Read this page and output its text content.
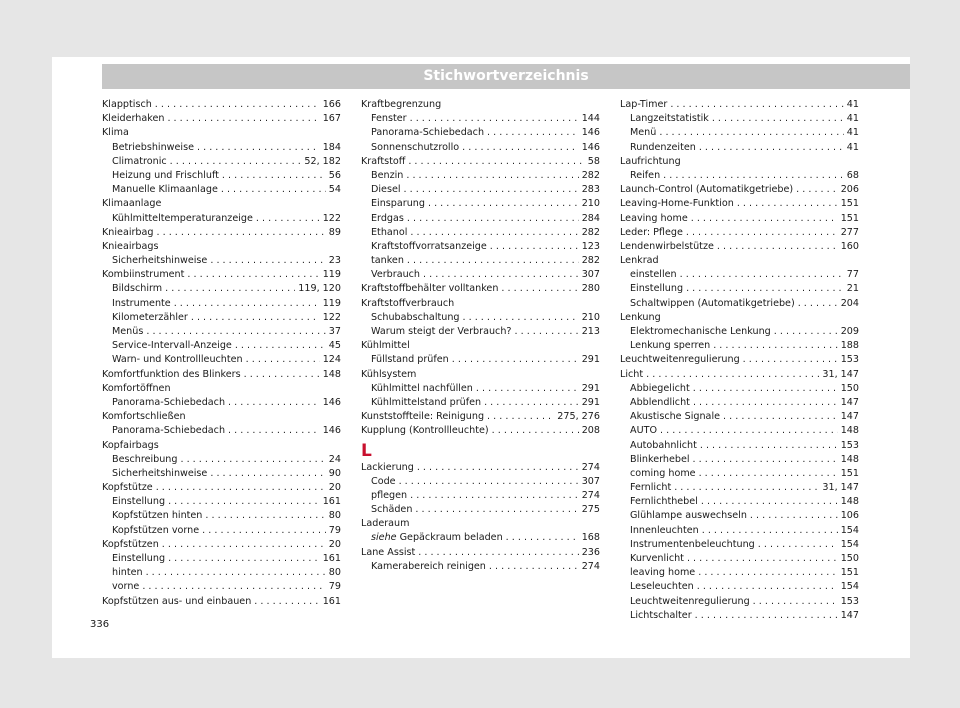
Stichwortverzeichnis
Klapptisch . . .	166
Kleiderhaken . . .	167
Klima
Betriebshinweise . . .	184
Climatronic . . .	52, 182
Heizung und Frischluft . . .	56
Manuelle Klimaanlage . . .	54
Klimaanlage
Kühlmitteltemperaturanzeige . . .	122
Knieairbag . . .	89
Knieairbags
Sicherheitshinweise . . .	23
Kombiinstrument . . .	119
Bildschirm . . .	119, 120
Instrumente . . .	119
Kilometerzähler . . .	122
Menüs . . .	37
Service-Intervall-Anzeige . . .	45
Warn- und Kontrollleuchten . . .	124
Komfortfunktion des Blinkers . . .	148
Komfortöffnen
Panorama-Schiebedach . . .	146
Komfortschließen
Panorama-Schiebedach . . .	146
Kopfairbags
Beschreibung . . .	24
Sicherheitshinweise . . .	90
Kopfstütze . . .	20
Einstellung . . .	161
Kopfstützen hinten . . .	80
Kopfstützen vorne . . .	79
Kopfstützen . . .	20
Einstellung . . .	161
hinten . . .	80
vorne . . .	79
Kopfstützen aus- und einbauen . . .	161
Kraftbegrenzung
Fenster . . .	144
Panorama-Schiebedach . . .	146
Sonnenschutzrollo . . .	146
Kraftstoff . . .	58
Benzin . . .	282
Diesel . . .	283
Einsparung . . .	210
Erdgas . . .	284
Ethanol . . .	282
Kraftstoffvorratsanzeige . . .	123
tanken . . .	282
Verbrauch . . .	307
Kraftstoffbehälter volltanken . . .	280
Kraftstoffverbrauch
Schubabschaltung . . .	210
Warum steigt der Verbrauch? . . .	213
Kühlmittel
Füllstand prüfen . . .	291
Kühlsystem
Kühlmittel nachfüllen . . .	291
Kühlmittelstand prüfen . . .	291
Kunststoffteile: Reinigung . . .	275, 276
Kupplung (Kontrollleuchte) . . .	208
L
Lackierung . . .	274
Code . . .	307
pflegen . . .	274
Schäden . . .	275
Laderaum
siehe Gepäckraum beladen . . .	168
Lane Assist . . .	236
Kamerabereich reinigen . . .	274
Lap-Timer . . .	41
Langzeitstatistik . . .	41
Menü . . .	41
Rundenzeiten . . .	41
Laufrichtung
Reifen . . .	68
Launch-Control (Automatikgetriebe) . . .	206
Leaving-Home-Funktion . . .	151
Leaving home . . .	151
Leder: Pflege . . .	277
Lendenwirbelstütze . . .	160
Lenkrad
einstellen . . .	77
Einstellung . . .	21
Schaltwippen (Automatikgetriebe) . . .	204
Lenkung
Elektromechanische Lenkung . . .	209
Lenkung sperren . . .	188
Leuchtweitenregulierung . . .	153
Licht . . .	31, 147
Abbiegelicht . . .	150
Abblendlicht . . .	147
Akustische Signale . . .	147
AUTO . . .	148
Autobahnlicht . . .	153
Blinkerhebel . . .	148
coming home . . .	151
Fernlicht . . .	31, 147
Fernlichthebel . . .	148
Glühlampe auswechseln . . .	106
Innenleuchten . . .	154
Instrumentenbeleuchtung . . .	154
Kurvenlicht . . .	150
leaving home . . .	151
Leseleuchten . . .	154
Leuchtweitenregulierung . . .	153
Lichtschalter . . .	147
336
